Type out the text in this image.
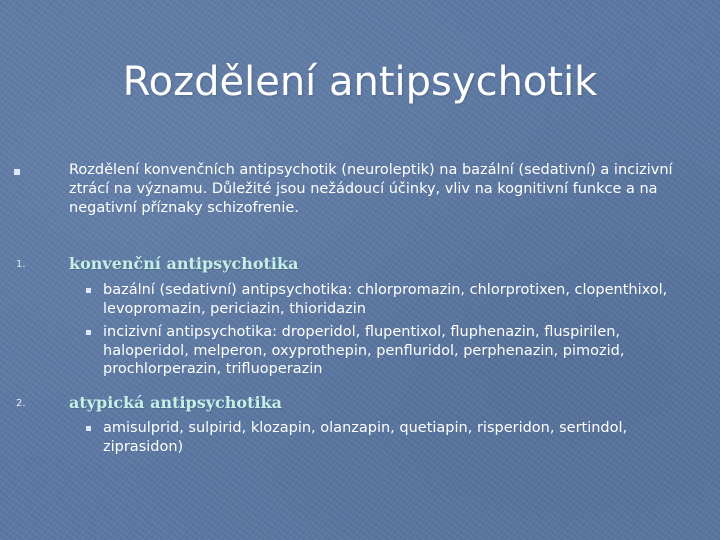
Rozdělení antipsychotik
Rozdělení konvenčních antipsychotik (neuroleptik) na bazální (sedativní) a incizivní ztrácí na významu. Důležité jsou nežádoucí účinky, vliv na kognitivní funkce a na negativní příznaky schizofrenie.
1.	konvenční antipsychotika
bazální (sedativní) antipsychotika: chlorpromazin, chlorprotixen, clopenthixol, levopromazin, periciazin, thioridazin
incizivní antipsychotika: droperidol, flupentixol, fluphenazin, fluspirilen, haloperidol, melperon, oxyprothepin, penfluridol, perphenazin, pimozid, prochlorperazin, trifluoperazin
2.	atypická antipsychotika
amisulprid, sulpirid, klozapin, olanzapin, quetiapin, risperidon, sertindol, ziprasidon)
